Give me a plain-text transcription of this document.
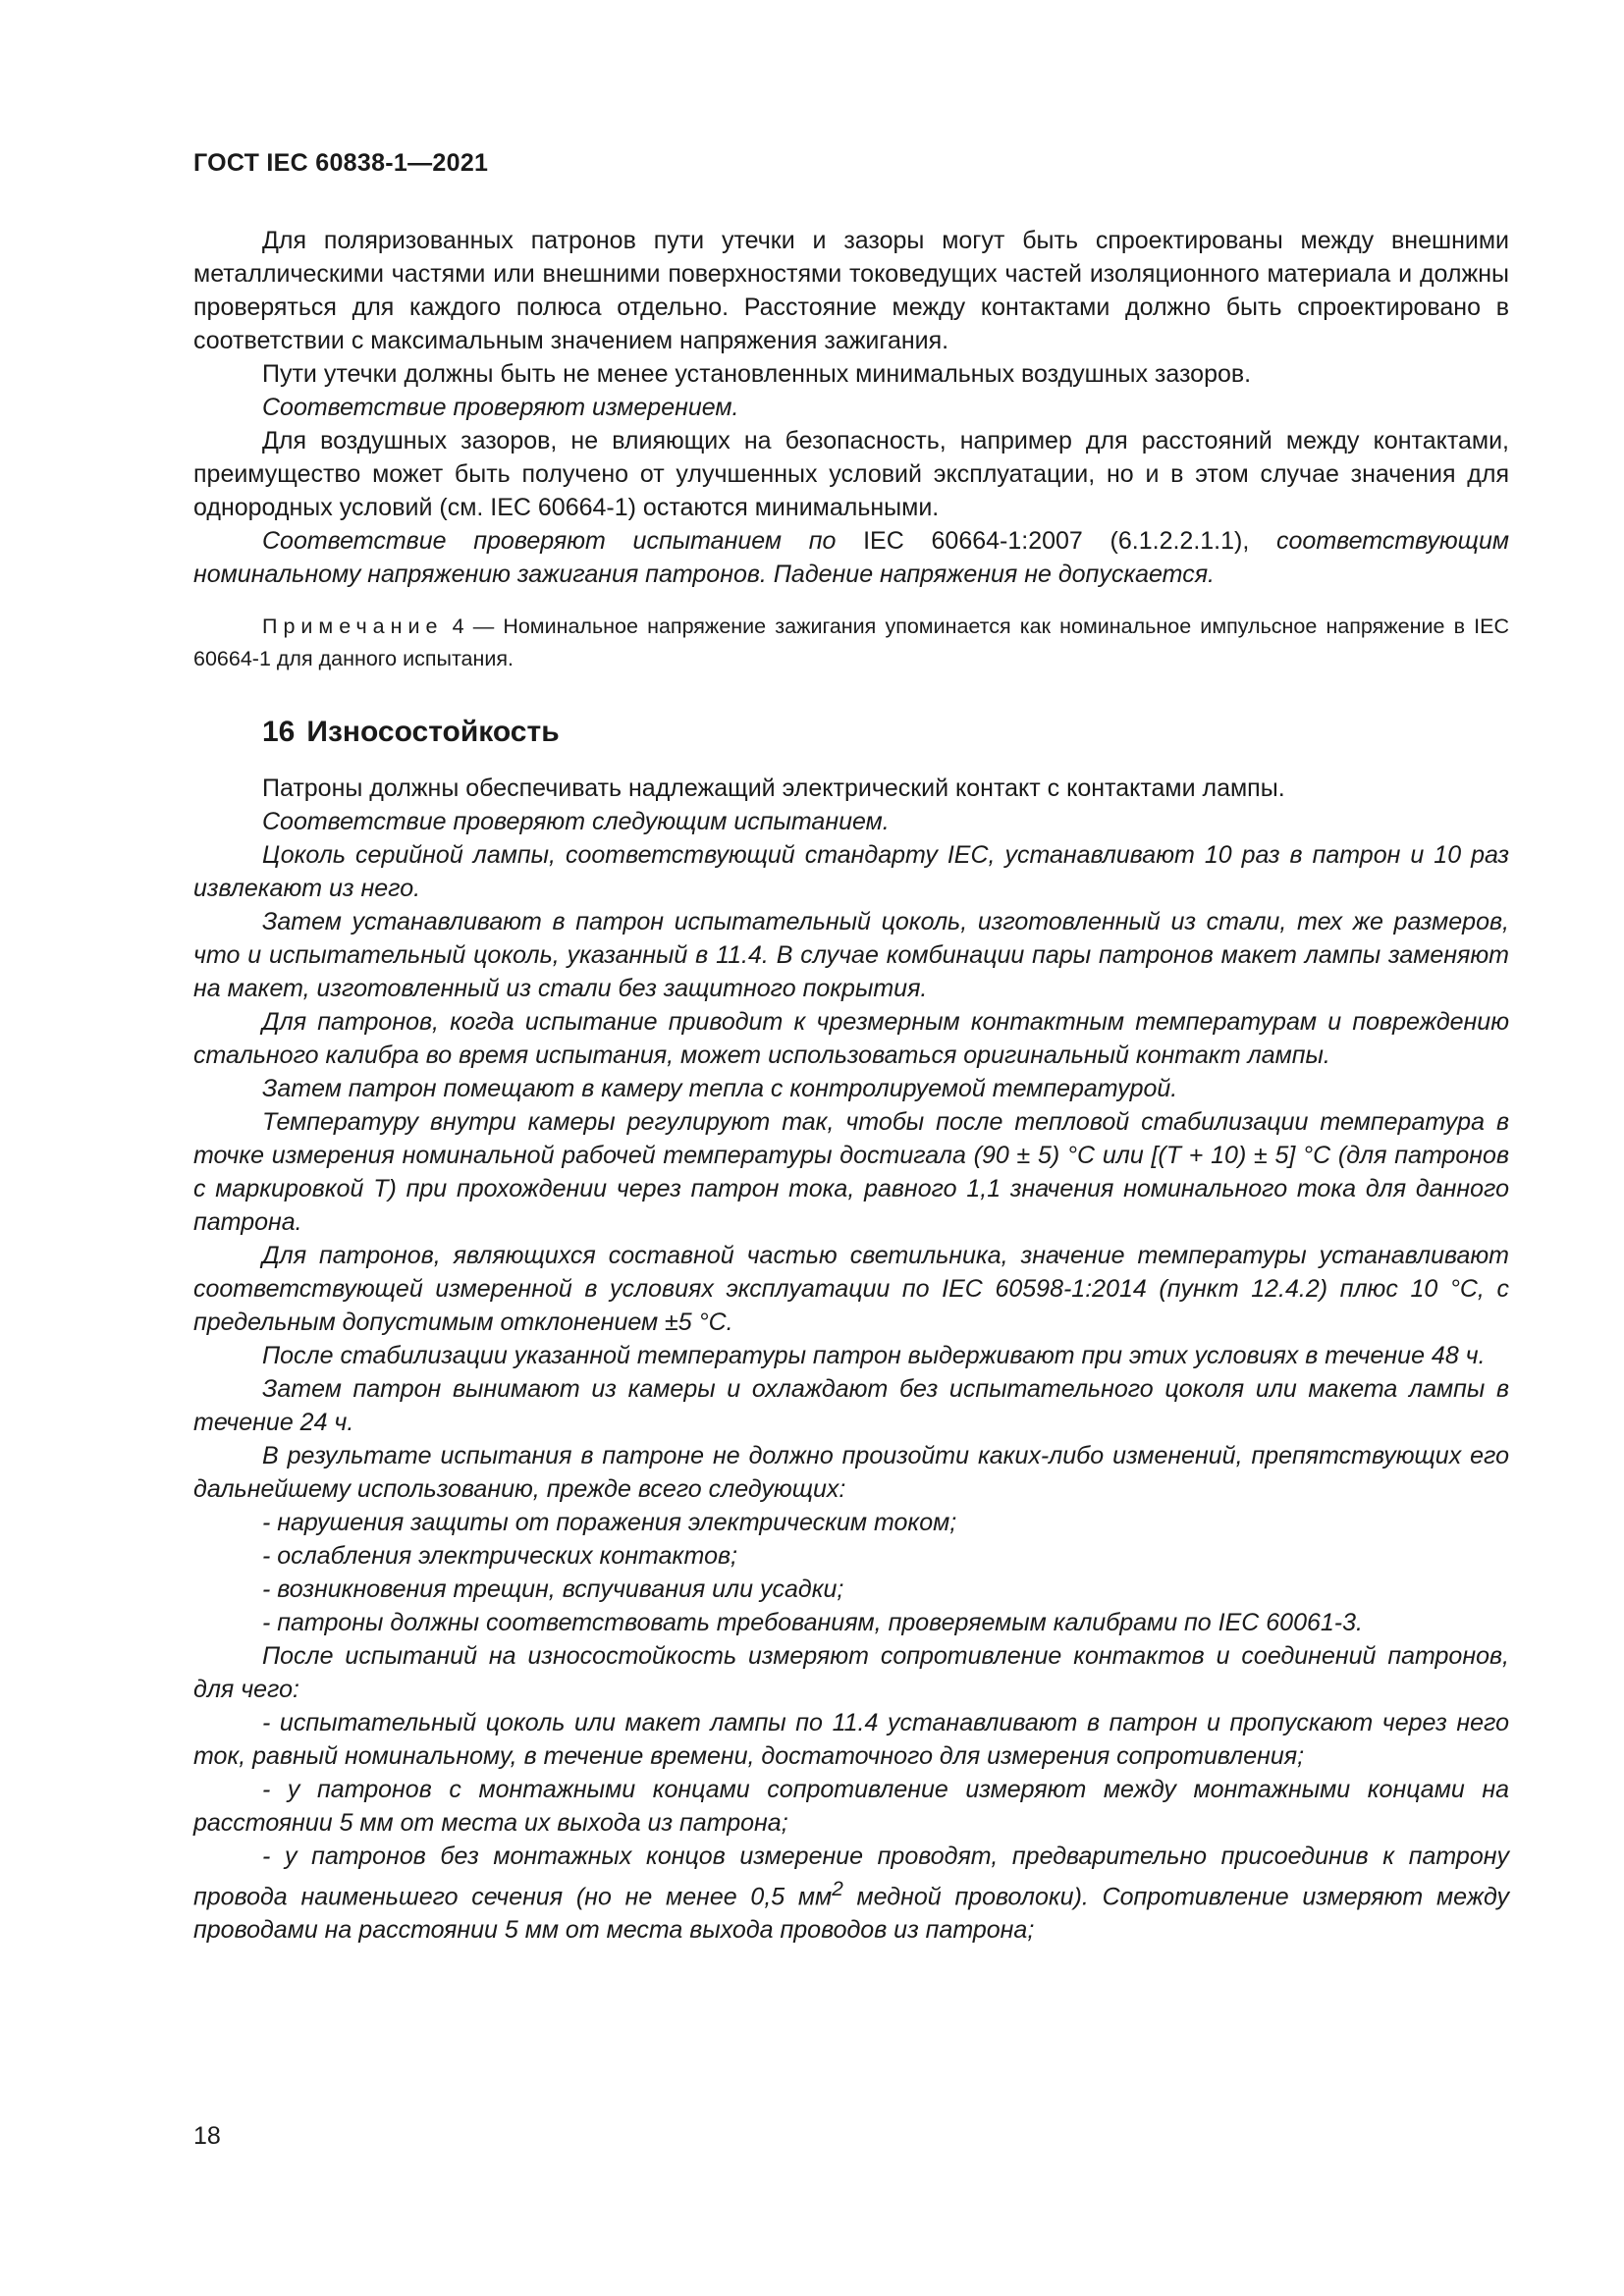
ГОСТ IEC 60838-1—2021

Для поляризованных патронов пути утечки и зазоры могут быть спроектированы между внешними металлическими частями или внешними поверхностями токоведущих частей изоляционного материала и должны проверяться для каждого полюса отдельно. Расстояние между контактами должно быть спроектировано в соответствии с максимальным значением напряжения зажигания.

Пути утечки должны быть не менее установленных минимальных воздушных зазоров.

Соответствие проверяют измерением.

Для воздушных зазоров, не влияющих на безопасность, например для расстояний между контактами, преимущество может быть получено от улучшенных условий эксплуатации, но и в этом случае значения для однородных условий (см. IEC 60664-1) остаются минимальными.

Соответствие проверяют испытанием по IEC 60664-1:2007 (6.1.2.2.1.1), соответствующим номинальному напряжению зажигания патронов. Падение напряжения не допускается.

Примечание 4 — Номинальное напряжение зажигания упоминается как номинальное импульсное напряжение в IEC 60664-1 для данного испытания.

16 Износостойкость

Патроны должны обеспечивать надлежащий электрический контакт с контактами лампы.

Соответствие проверяют следующим испытанием.

Цоколь серийной лампы, соответствующий стандарту IEC, устанавливают 10 раз в патрон и 10 раз извлекают из него.

Затем устанавливают в патрон испытательный цоколь, изготовленный из стали, тех же размеров, что и испытательный цоколь, указанный в 11.4. В случае комбинации пары патронов макет лампы заменяют на макет, изготовленный из стали без защитного покрытия.

Для патронов, когда испытание приводит к чрезмерным контактным температурам и повреждению стального калибра во время испытания, может использоваться оригинальный контакт лампы.

Затем патрон помещают в камеру тепла с контролируемой температурой.

Температуру внутри камеры регулируют так, чтобы после тепловой стабилизации температура в точке измерения номинальной рабочей температуры достигала (90 ± 5) °С или [(T + 10) ± 5] °С (для патронов с маркировкой T) при прохождении через патрон тока, равного 1,1 значения номинального тока для данного патрона.

Для патронов, являющихся составной частью светильника, значение температуры устанавливают соответствующей измеренной в условиях эксплуатации по IEC 60598-1:2014 (пункт 12.4.2) плюс 10 °С, с предельным допустимым отклонением ±5 °С.

После стабилизации указанной температуры патрон выдерживают при этих условиях в течение 48 ч.

Затем патрон вынимают из камеры и охлаждают без испытательного цоколя или макета лампы в течение 24 ч.

В результате испытания в патроне не должно произойти каких-либо изменений, препятствующих его дальнейшему использованию, прежде всего следующих:

- нарушения защиты от поражения электрическим током;

- ослабления электрических контактов;

- возникновения трещин, вспучивания или усадки;

- патроны должны соответствовать требованиям, проверяемым калибрами по IEC 60061-3.

После испытаний на износостойкость измеряют сопротивление контактов и соединений патронов, для чего:

- испытательный цоколь или макет лампы по 11.4 устанавливают в патрон и пропускают через него ток, равный номинальному, в течение времени, достаточного для измерения сопротивления;

- у патронов с монтажными концами сопротивление измеряют между монтажными концами на расстоянии 5 мм от места их выхода из патрона;

- у патронов без монтажных концов измерение проводят, предварительно присоединив к патрону провода наименьшего сечения (но не менее 0,5 $мм^2$ медной проволоки). Сопротивление измеряют между проводами на расстоянии 5 мм от места выхода проводов из патрона;

18
